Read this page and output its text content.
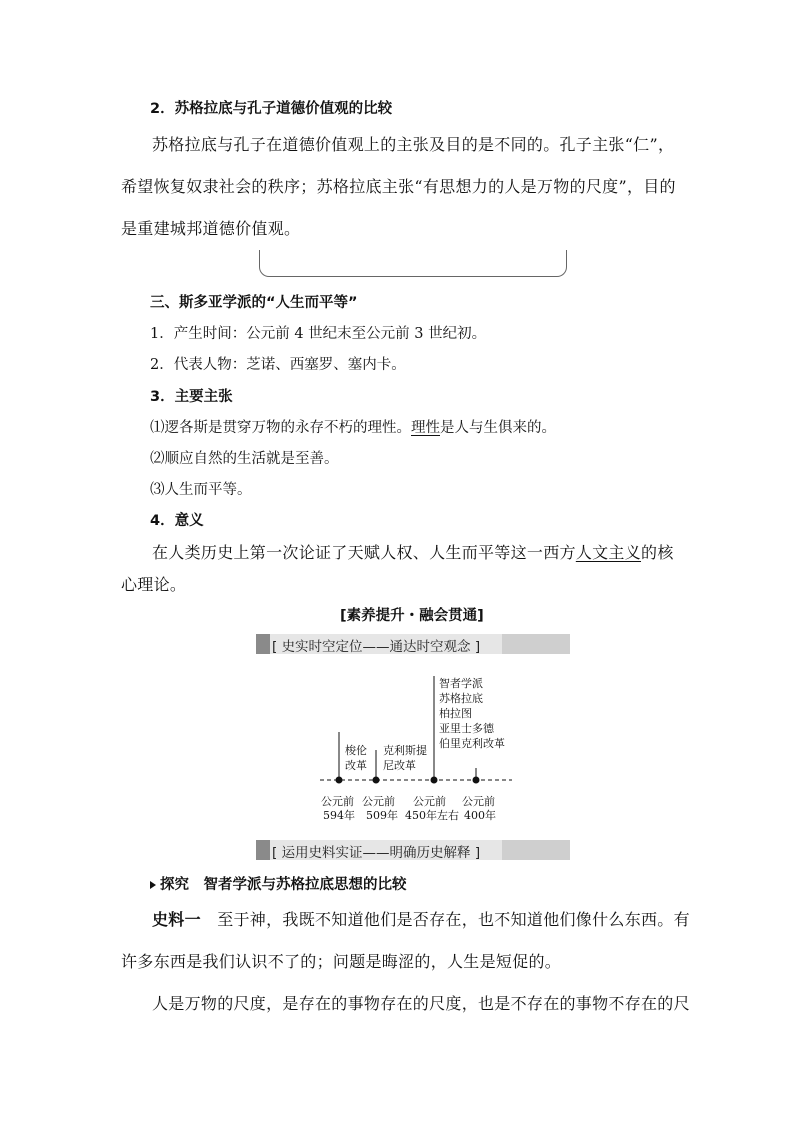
2．苏格拉底与孔子道德价值观的比较
苏格拉底与孔子在道德价值观上的主张及目的是不同的。孔子主张“仁”，
希望恢复奴隶社会的秩序；苏格拉底主张“有思想力的人是万物的尺度”，目的
是重建城邦道德价值观。
三、斯多亚学派的“人生而平等”
1．产生时间：公元前 4 世纪末至公元前 3 世纪初。
2．代表人物：芝诺、西塞罗、塞内卡。
3．主要主张
⑴逻各斯是贯穿万物的永存不朽的理性。理性是人与生俱来的。
⑵顺应自然的生活就是至善。
⑶人生而平等。
4．意义
在人类历史上第一次论证了天赋人权、人生而平等这一西方人文主义的核
心理论。
[素养提升・融会贯通]
[ 史实时空定位——通达时空观念 ]
梭伦
改革
克利斯提
尼改革
智者学派
苏格拉底
柏拉图
亚里士多德
伯里克利改革
公元前
594年
公元前
509年
公元前
450年左右
公元前
400年
[ 运用史料实证——明确历史解释 ]
探究　智者学派与苏格拉底思想的比较
史料一　至于神，我既不知道他们是否存在，也不知道他们像什么东西。有
许多东西是我们认识不了的；问题是晦涩的，人生是短促的。
人是万物的尺度，是存在的事物存在的尺度，也是不存在的事物不存在的尺
